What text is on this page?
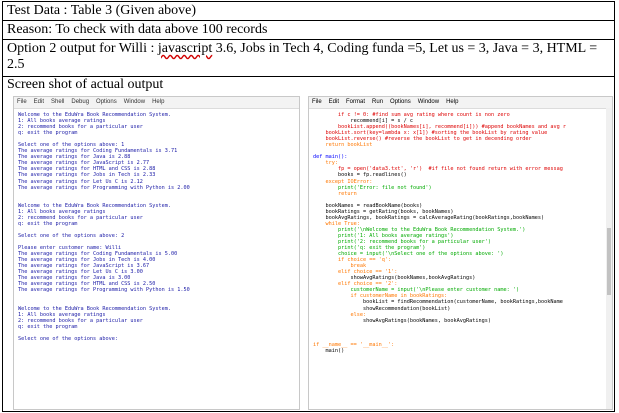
Test Data : Table 3 (Given above)
Reason: To check with data above 100 records
Option 2 output for Willi : javascript 3.6, Jobs in Tech 4, Coding funda =5, Let us = 3, Java = 3, HTML = 2.5
Screen shot of actual output
File Edit Shell Debug Options Window Help
Welcome to the EduWra Book Recommendation System.
1: All books average ratings
2: recommend books for a particular user
q: exit the program

Select one of the options above: 1
The average ratings for Coding Fundamentals is 3.71
The average ratings for Java is 2.88
The average ratings for JavaScript is 2.77
The average ratings for HTML and CSS is 2.88
The average ratings for Jobs in Tech is 2.33
The average ratings for Let Us C is 2.12
The average ratings for Programming with Python is 2.00

Welcome to the EduWra Book Recommendation System.
1: All books average ratings
2: recommend books for a particular user
q: exit the program

Select one of the options above: 2

Please enter customer name: Willi
The average ratings for Coding Fundamentals is 5.00
The average ratings for Jobs in Tech is 4.00
The average ratings for JavaScript is 3.67
The average ratings for Let Us C is 3.00
The average ratings for Java is 3.00
The average ratings for HTML and CSS is 2.50
The average ratings for Programming with Python is 1.50

Welcome to the EduWra Book Recommendation System.
1: All books average ratings
2: recommend books for a particular user
q: exit the program

Select one of the options above:
File Edit Format Run Options Window Help
if c != 0: #find sum avg rating where count is non zero
recommend[i] = s / c
bookList.append((bookNames[i], recommend[i])) #append bookNames and avg r
bookList.sort(key=lambda x: x[1]) #sorting the bookList by rating value
bookList.reverse() #reverse the bookList to get in decending order
return bookList

def main():
try:
fp = open('data3.txt', 'r')  #if file not found return with error messag
books = fp.readlines()
except IOError:
print('Error: file not found')
return

bookNames = readBookName(books)
bookRatings = getRating(books, bookNames)
bookAvgRatings, bookRatings = calcAverageRating(bookRatings,bookNames)
while True:
print('\nWelcome to the EduWra Book Recommendation System.')
print('1: All books average ratings')
print('2: recommend books for a particular user')
print('q: exit the program')
choice = input('\nSelect one of the options above: ')
if choice == 'q':
break
elif choice == '1':
showAvgRatings(bookNames,bookAvgRatings)
elif choice == '2':
customerName = input('\nPlease enter customer name: ')
if customerName in bookRatings:
bookList = findRecommendation(customerName, bookRatings,bookName
showRecommendation(bookList)
else:
showAvgRatings(bookNames, bookAvgRatings)

if __name__ == '__main__':
main()
